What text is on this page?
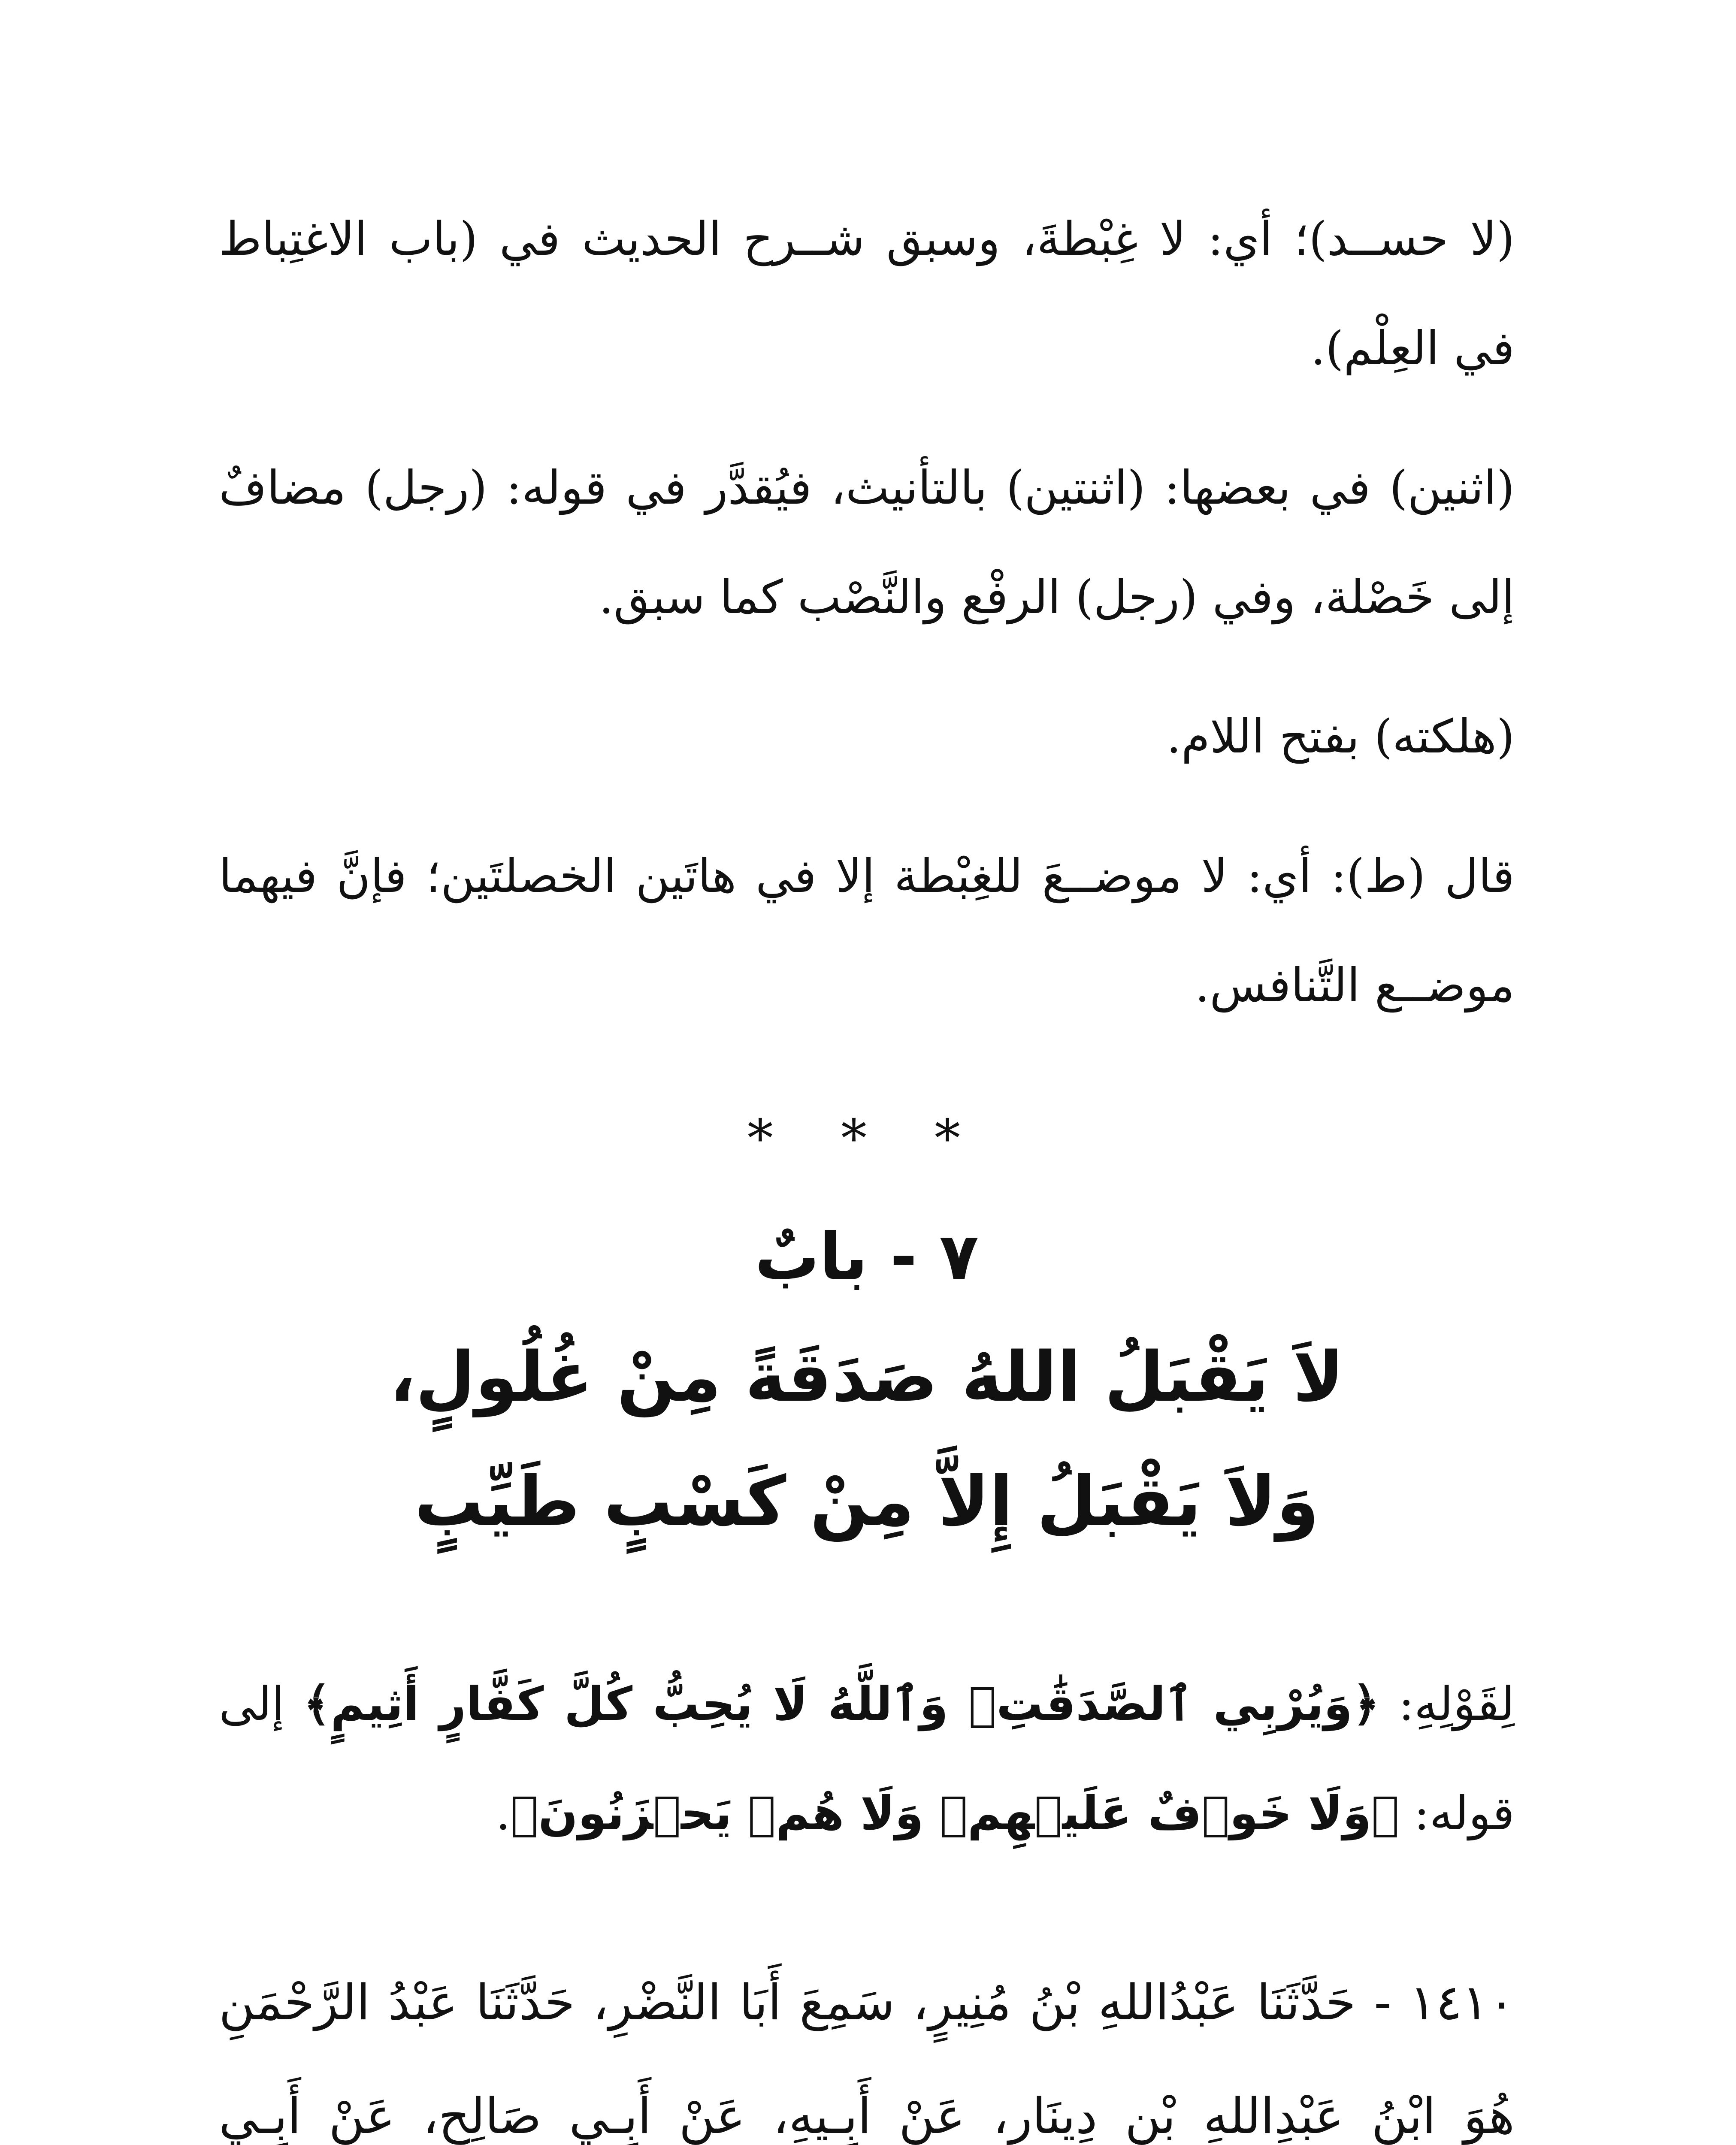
(لا حســد)؛ أي: لا غِبْطةَ، وسبق شــرح الحديث في (باب الاغتِباط في العِلْم).

(اثنين) في بعضها: (اثنتين) بالتأنيث، فيُقدَّر في قوله: (رجل) مضافٌ إلى خَصْلة، وفي (رجل) الرفْع والنَّصْب كما سبق.

(هلكته) بفتح اللام.

قال (ط): أي: لا موضــعَ للغِبْطة إلا في هاتَين الخصلتَين؛ فإنَّ فيهما موضــع التَّنافس.

* * *
٧ - بابٌ
لاَ يَقْبَلُ اللهُ صَدَقَةً مِنْ غُلُولٍ،
وَلاَ يَقْبَلُ إِلاَّ مِنْ كَسْبٍ طَيِّبٍ

لِقَوْلِهِ: ﴿وَيُرْبِي ٱلصَّدَقَٰتِۗ وَٱللَّهُ لَا يُحِبُّ كُلَّ كَفَّارٍ أَثِيمٍ﴾ إلى قوله: ﴿وَلَا خَوۡفٌ عَلَيۡهِمۡ وَلَا هُمۡ يَحۡزَنُونَ﴾.

١٤١٠ - حَدَّثَنَا عَبْدُاللهِ بْنُ مُنِيرٍ، سَمِعَ أَبَا النَّضْرِ، حَدَّثَنَا عَبْدُ الرَّحْمَنِ هُوَ ابْنُ عَبْدِاللهِ بْنِ دِينَارٍ، عَنْ أَبِـيهِ، عَنْ أَبِـي صَالِحٍ، عَنْ أَبِـي
